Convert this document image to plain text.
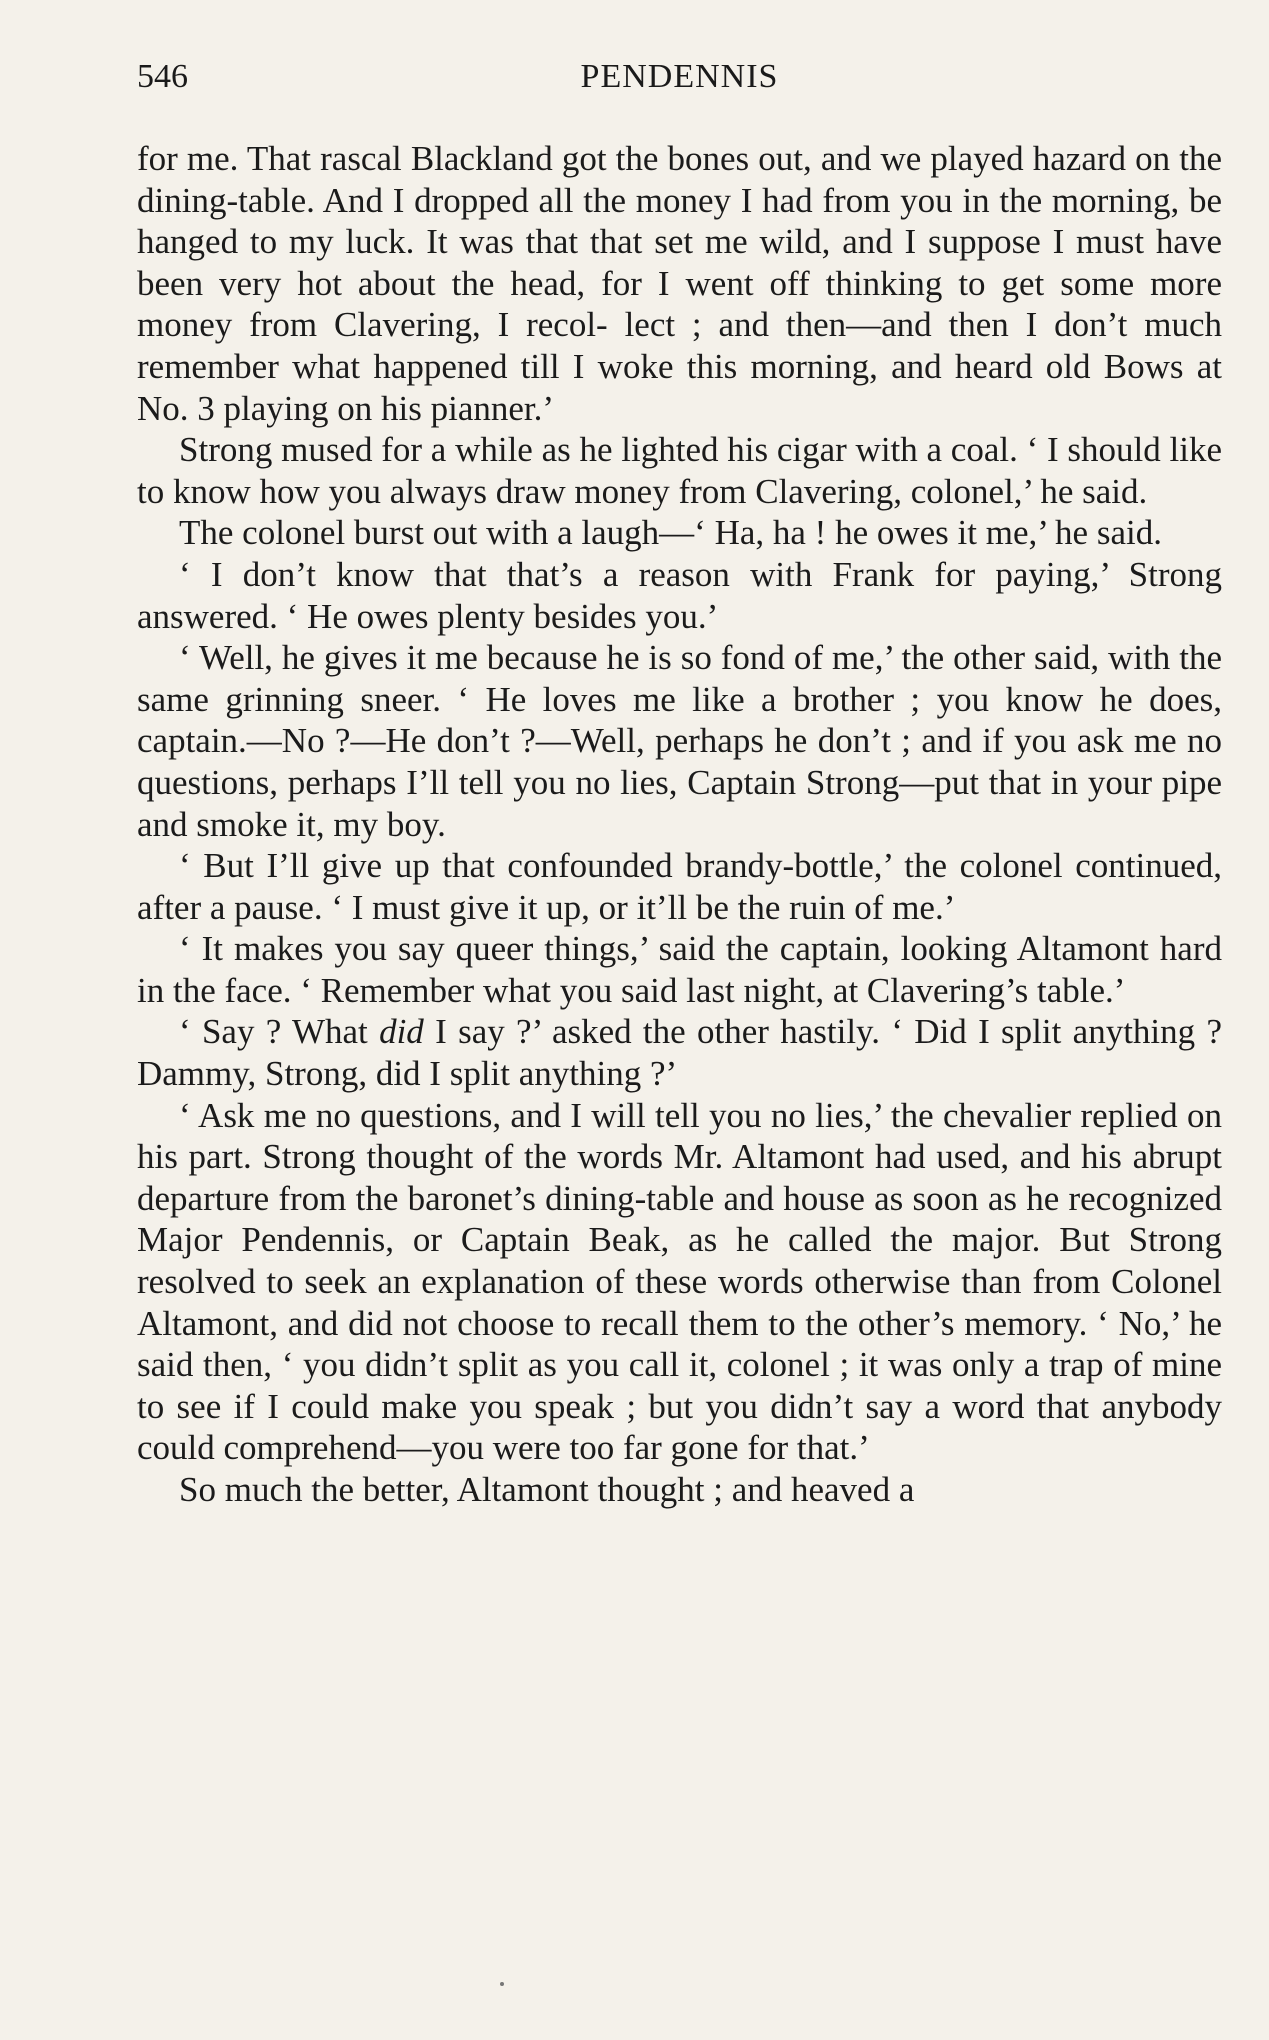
546	PENDENNIS

for me. That rascal Blackland got the bones out, and we played hazard on the dining-table. And I dropped all the money I had from you in the morning, be hanged to my luck. It was that that set me wild, and I suppose I must have been very hot about the head, for I went off thinking to get some more money from Clavering, I recol- lect ; and then—and then I don’t much remember what happened till I woke this morning, and heard old Bows at No. 3 playing on his pianner.’

Strong mused for a while as he lighted his cigar with a coal. ‘ I should like to know how you always draw money from Clavering, colonel,’ he said.

The colonel burst out with a laugh—‘ Ha, ha ! he owes it me,’ he said.

‘ I don’t know that that’s a reason with Frank for paying,’ Strong answered. ‘ He owes plenty besides you.’

‘ Well, he gives it me because he is so fond of me,’ the other said, with the same grinning sneer. ‘ He loves me like a brother ; you know he does, captain.—No ?—He don’t ?—Well, perhaps he don’t ; and if you ask me no questions, perhaps I’ll tell you no lies, Captain Strong—put that in your pipe and smoke it, my boy.

‘ But I’ll give up that confounded brandy-bottle,’ the colonel continued, after a pause. ‘ I must give it up, or it’ll be the ruin of me.’

‘ It makes you say queer things,’ said the captain, looking Altamont hard in the face. ‘ Remember what you said last night, at Clavering’s table.’

‘ Say ? What did I say ?’ asked the other hastily. ‘ Did I split anything ? Dammy, Strong, did I split anything ?’

‘ Ask me no questions, and I will tell you no lies,’ the chevalier replied on his part. Strong thought of the words Mr. Altamont had used, and his abrupt departure from the baronet’s dining-table and house as soon as he recognized Major Pendennis, or Captain Beak, as he called the major. But Strong resolved to seek an explanation of these words otherwise than from Colonel Altamont, and did not choose to recall them to the other’s memory. ‘ No,’ he said then, ‘ you didn’t split as you call it, colonel ; it was only a trap of mine to see if I could make you speak ; but you didn’t say a word that anybody could comprehend—you were too far gone for that.’

So much the better, Altamont thought ; and heaved a
